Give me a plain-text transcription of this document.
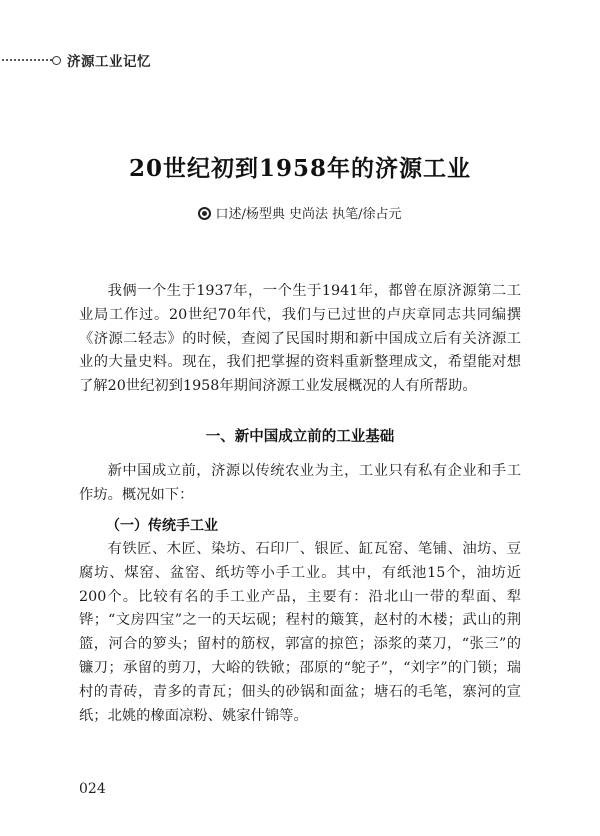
济源工业记忆
20世纪初到1958年的济源工业
口述/杨型典 史尚法 执笔/徐占元

我俩一个生于1937年，一个生于1941年，都曾在原济源第二工业局工作过。20世纪70年代，我们与已过世的卢庆章同志共同编撰《济源二轻志》的时候，查阅了民国时期和新中国成立后有关济源工业的大量史料。现在，我们把掌握的资料重新整理成文，希望能对想了解20世纪初到1958年期间济源工业发展概况的人有所帮助。

一、新中国成立前的工业基础

新中国成立前，济源以传统农业为主，工业只有私有企业和手工作坊。概况如下：

（一）传统手工业

有铁匠、木匠、染坊、石印厂、银匠、缸瓦窑、笔铺、油坊、豆腐坊、煤窑、盆窑、纸坊等小手工业。其中，有纸池15个，油坊近200个。比较有名的手工业产品，主要有：沿北山一带的犁面、犁铧；“文房四宝”之一的天坛砚；程村的簸箕，赵村的木楼；武山的荆篮，河合的箩头；留村的筋杈，郭富的掠笆；添浆的菜刀，“张三”的镰刀；承留的剪刀，大峪的铁锨；邵原的“鸵子”，“刘字”的门锁；瑞村的青砖，青多的青瓦；佃头的砂锅和面盆；塘石的毛笔，寨河的宣纸；北姚的橡面凉粉、姚家什锦等。

024
